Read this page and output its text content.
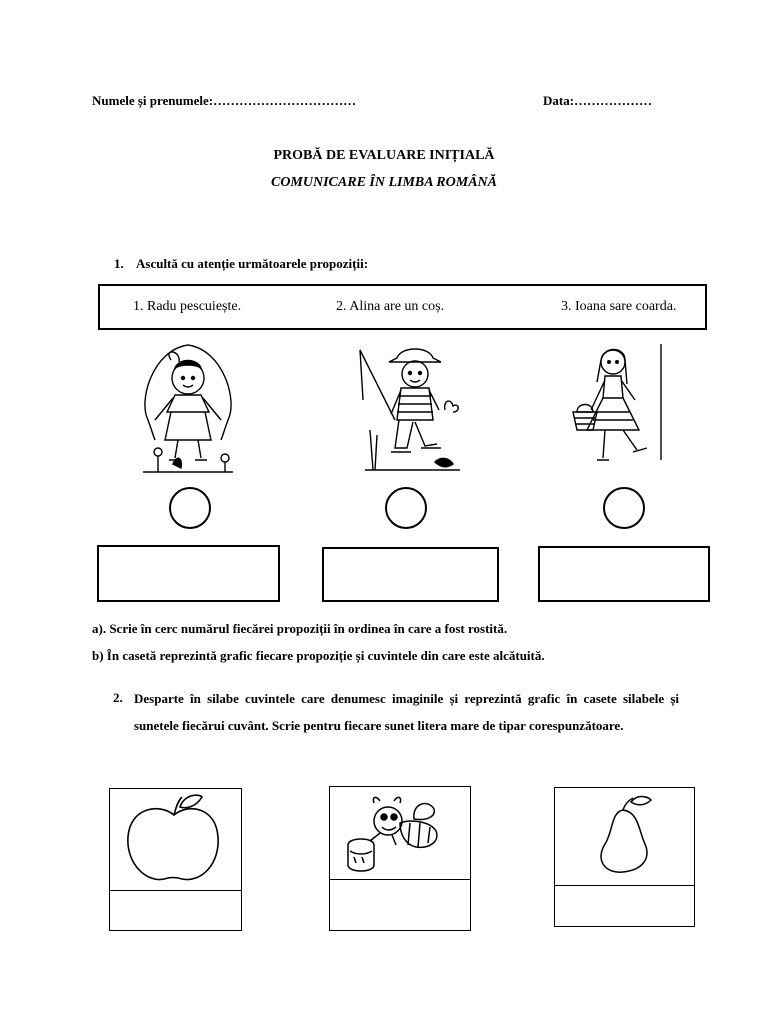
Numele și prenumele:……………………………	Data:………………
PROBĂ DE EVALUARE INIȚIALĂ
COMUNICARE ÎN LIMBA ROMÂNĂ
1. Ascultă cu atenție următoarele propoziții:
1. Radu pescuiește.	2. Alina are un coș.	3. Ioana sare coarda.
a). Scrie în cerc numărul fiecărei propoziții în ordinea în care a fost rostită.
b) În casetă reprezintă grafic fiecare propoziție și cuvintele din care este alcătuită.
2. Desparte în silabe cuvintele care denumesc imaginile și reprezintă grafic în casete silabele și sunetele fiecărui cuvânt. Scrie pentru fiecare sunet litera mare de tipar corespunzătoare.
